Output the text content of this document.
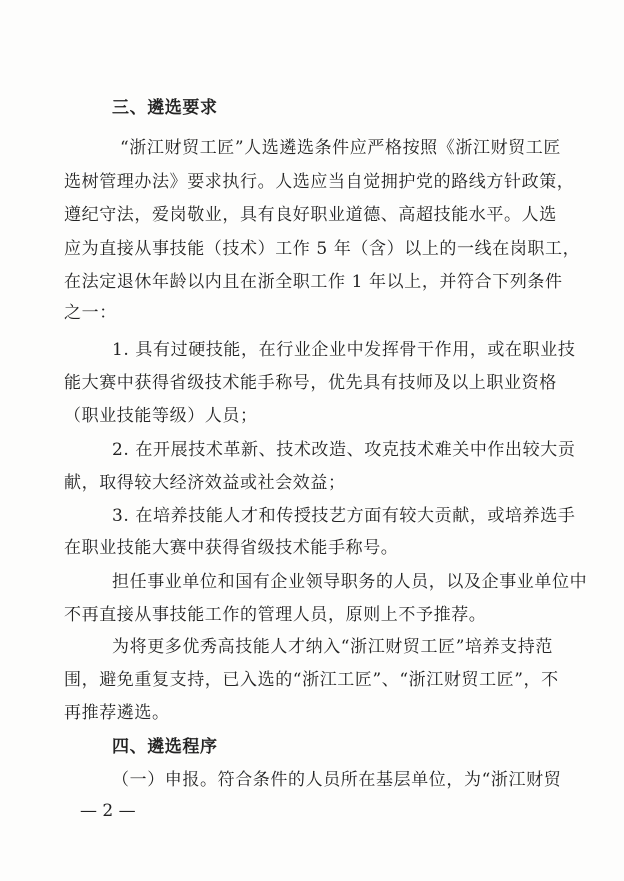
三、遴选要求
“浙江财贸工匠”人选遴选条件应严格按照《浙江财贸工匠
选树管理办法》要求执行。人选应当自觉拥护党的路线方针政策，
遵纪守法，爱岗敬业，具有良好职业道德、高超技能水平。人选
应为直接从事技能（技术）工作 5 年（含）以上的一线在岗职工，
在法定退休年龄以内且在浙全职工作 1 年以上，并符合下列条件
之一：
1. 具有过硬技能，在行业企业中发挥骨干作用，或在职业技
能大赛中获得省级技术能手称号，优先具有技师及以上职业资格
（职业技能等级）人员；
2. 在开展技术革新、技术改造、攻克技术难关中作出较大贡
献，取得较大经济效益或社会效益；
3. 在培养技能人才和传授技艺方面有较大贡献，或培养选手
在职业技能大赛中获得省级技术能手称号。
担任事业单位和国有企业领导职务的人员，以及企事业单位中
不再直接从事技能工作的管理人员，原则上不予推荐。
为将更多优秀高技能人才纳入“浙江财贸工匠”培养支持范
围，避免重复支持，已入选的“浙江工匠”、“浙江财贸工匠”，不
再推荐遴选。
四、遴选程序
（一）申报。符合条件的人员所在基层单位，为“浙江财贸
— 2 —
